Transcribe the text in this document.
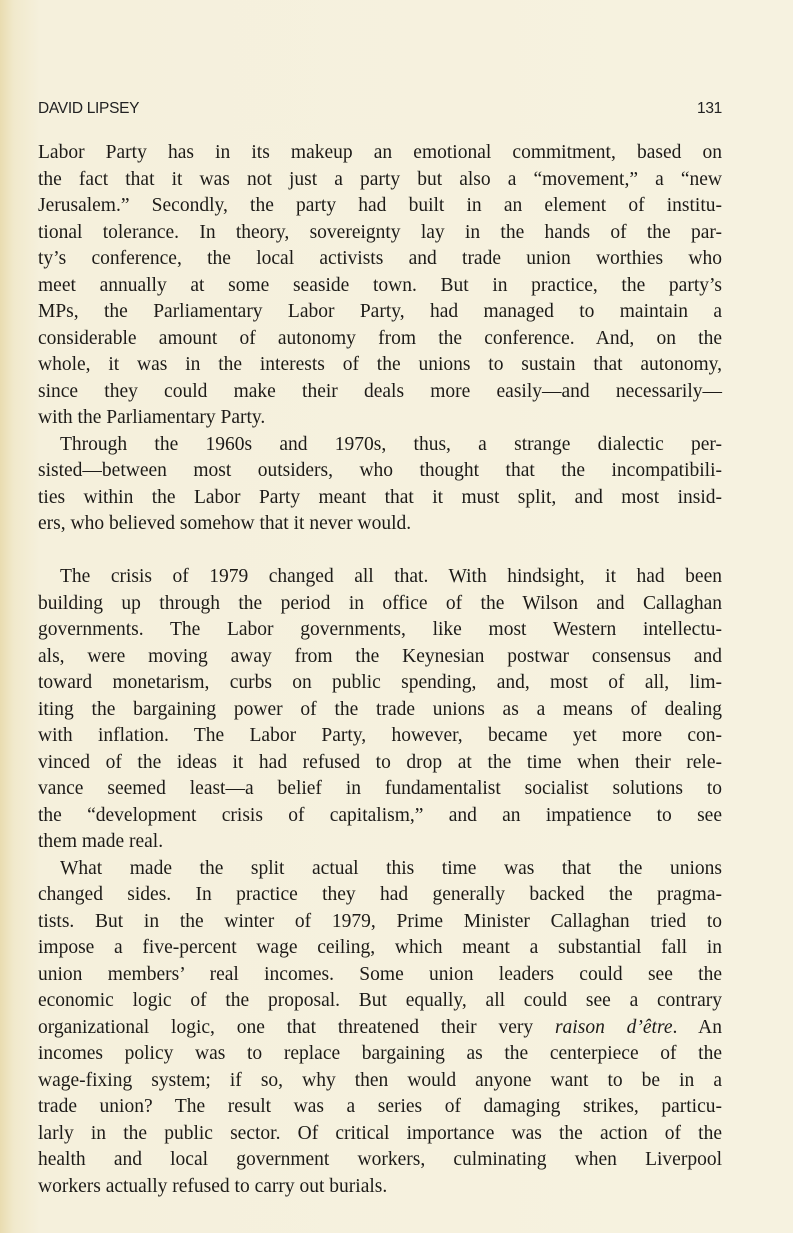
DAVID LIPSEY	131
Labor Party has in its makeup an emotional commitment, based on
the fact that it was not just a party but also a “movement,” a “new
Jerusalem.” Secondly, the party had built in an element of institu-
tional tolerance. In theory, sovereignty lay in the hands of the par-
ty’s conference, the local activists and trade union worthies who
meet annually at some seaside town. But in practice, the party’s
MPs, the Parliamentary Labor Party, had managed to maintain a
considerable amount of autonomy from the conference. And, on the
whole, it was in the interests of the unions to sustain that autonomy,
since they could make their deals more easily—and necessarily—
with the Parliamentary Party.
Through the 1960s and 1970s, thus, a strange dialectic per-
sisted—between most outsiders, who thought that the incompatibili-
ties within the Labor Party meant that it must split, and most insid-
ers, who believed somehow that it never would.
The crisis of 1979 changed all that. With hindsight, it had been
building up through the period in office of the Wilson and Callaghan
governments. The Labor governments, like most Western intellectu-
als, were moving away from the Keynesian postwar consensus and
toward monetarism, curbs on public spending, and, most of all, lim-
iting the bargaining power of the trade unions as a means of dealing
with inflation. The Labor Party, however, became yet more con-
vinced of the ideas it had refused to drop at the time when their rele-
vance seemed least—a belief in fundamentalist socialist solutions to
the “development crisis of capitalism,” and an impatience to see
them made real.
What made the split actual this time was that the unions
changed sides. In practice they had generally backed the pragma-
tists. But in the winter of 1979, Prime Minister Callaghan tried to
impose a five-percent wage ceiling, which meant a substantial fall in
union members’ real incomes. Some union leaders could see the
economic logic of the proposal. But equally, all could see a contrary
organizational logic, one that threatened their very raison d’être. An
incomes policy was to replace bargaining as the centerpiece of the
wage-fixing system; if so, why then would anyone want to be in a
trade union? The result was a series of damaging strikes, particu-
larly in the public sector. Of critical importance was the action of the
health and local government workers, culminating when Liverpool
workers actually refused to carry out burials.
